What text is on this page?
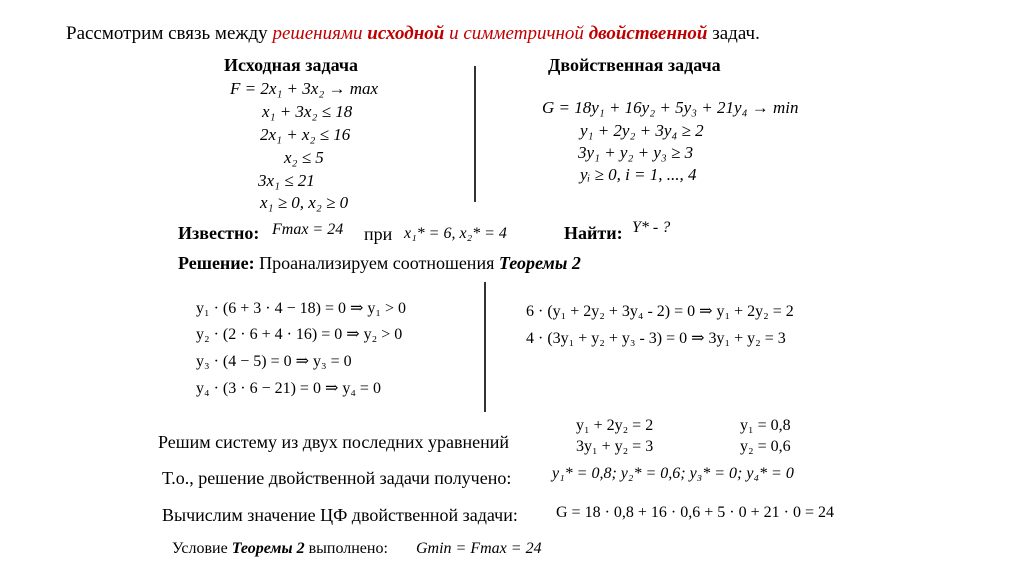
Рассмотрим связь между решениями исходной и симметричной двойственной задач.
Исходная задача
F = 2x₁ + 3x₂ → max
x₁ + 3x₂ ≤ 18
2x₁ + x₂ ≤ 16
x₂ ≤ 5
3x₁ ≤ 21
x₁ ≥ 0, x₂ ≥ 0
Двойственная задача
G = 18y₁ + 16y₂ + 5y₃ + 21y₄ → min
y₁ + 2y₂ + 3y₄ ≥ 2
3y₁ + y₂ + y₃ ≥ 3
yᵢ ≥ 0, i = 1, ..., 4
Известно: Fmax = 24 при x₁* = 6, x₂* = 4	Найти: Y* - ?
Решение: Проанализируем соотношения Теоремы 2
y₁ · (6 + 3 · 4 − 18) = 0 ⇒ y₁ > 0
y₂ · (2 · 6 + 4 · 16) = 0 ⇒ y₂ > 0
y₃ · (4 − 5) = 0 ⇒ y₃ = 0
y₄ · (3 · 6 − 21) = 0 ⇒ y₄ = 0
6 · (y₁ + 2y₂ + 3y₄ - 2) = 0 ⇒ y₁ + 2y₂ = 2
4 · (3y₁ + y₂ + y₃ - 3) = 0 ⇒ 3y₁ + y₂ = 3
Решим систему из двух последних уравнений
y₁ + 2y₂ = 2
3y₁ + y₂ = 3
y₁ = 0,8
y₂ = 0,6
Т.о., решение двойственной задачи получено:	y₁* = 0,8; y₂* = 0,6; y₃* = 0; y₄* = 0
Вычислим значение ЦФ двойственной задачи: G = 18 · 0,8 + 16 · 0,6 + 5 · 0 + 21 · 0 = 24
Условие Теоремы 2 выполнено: Gmin = Fmax = 24
